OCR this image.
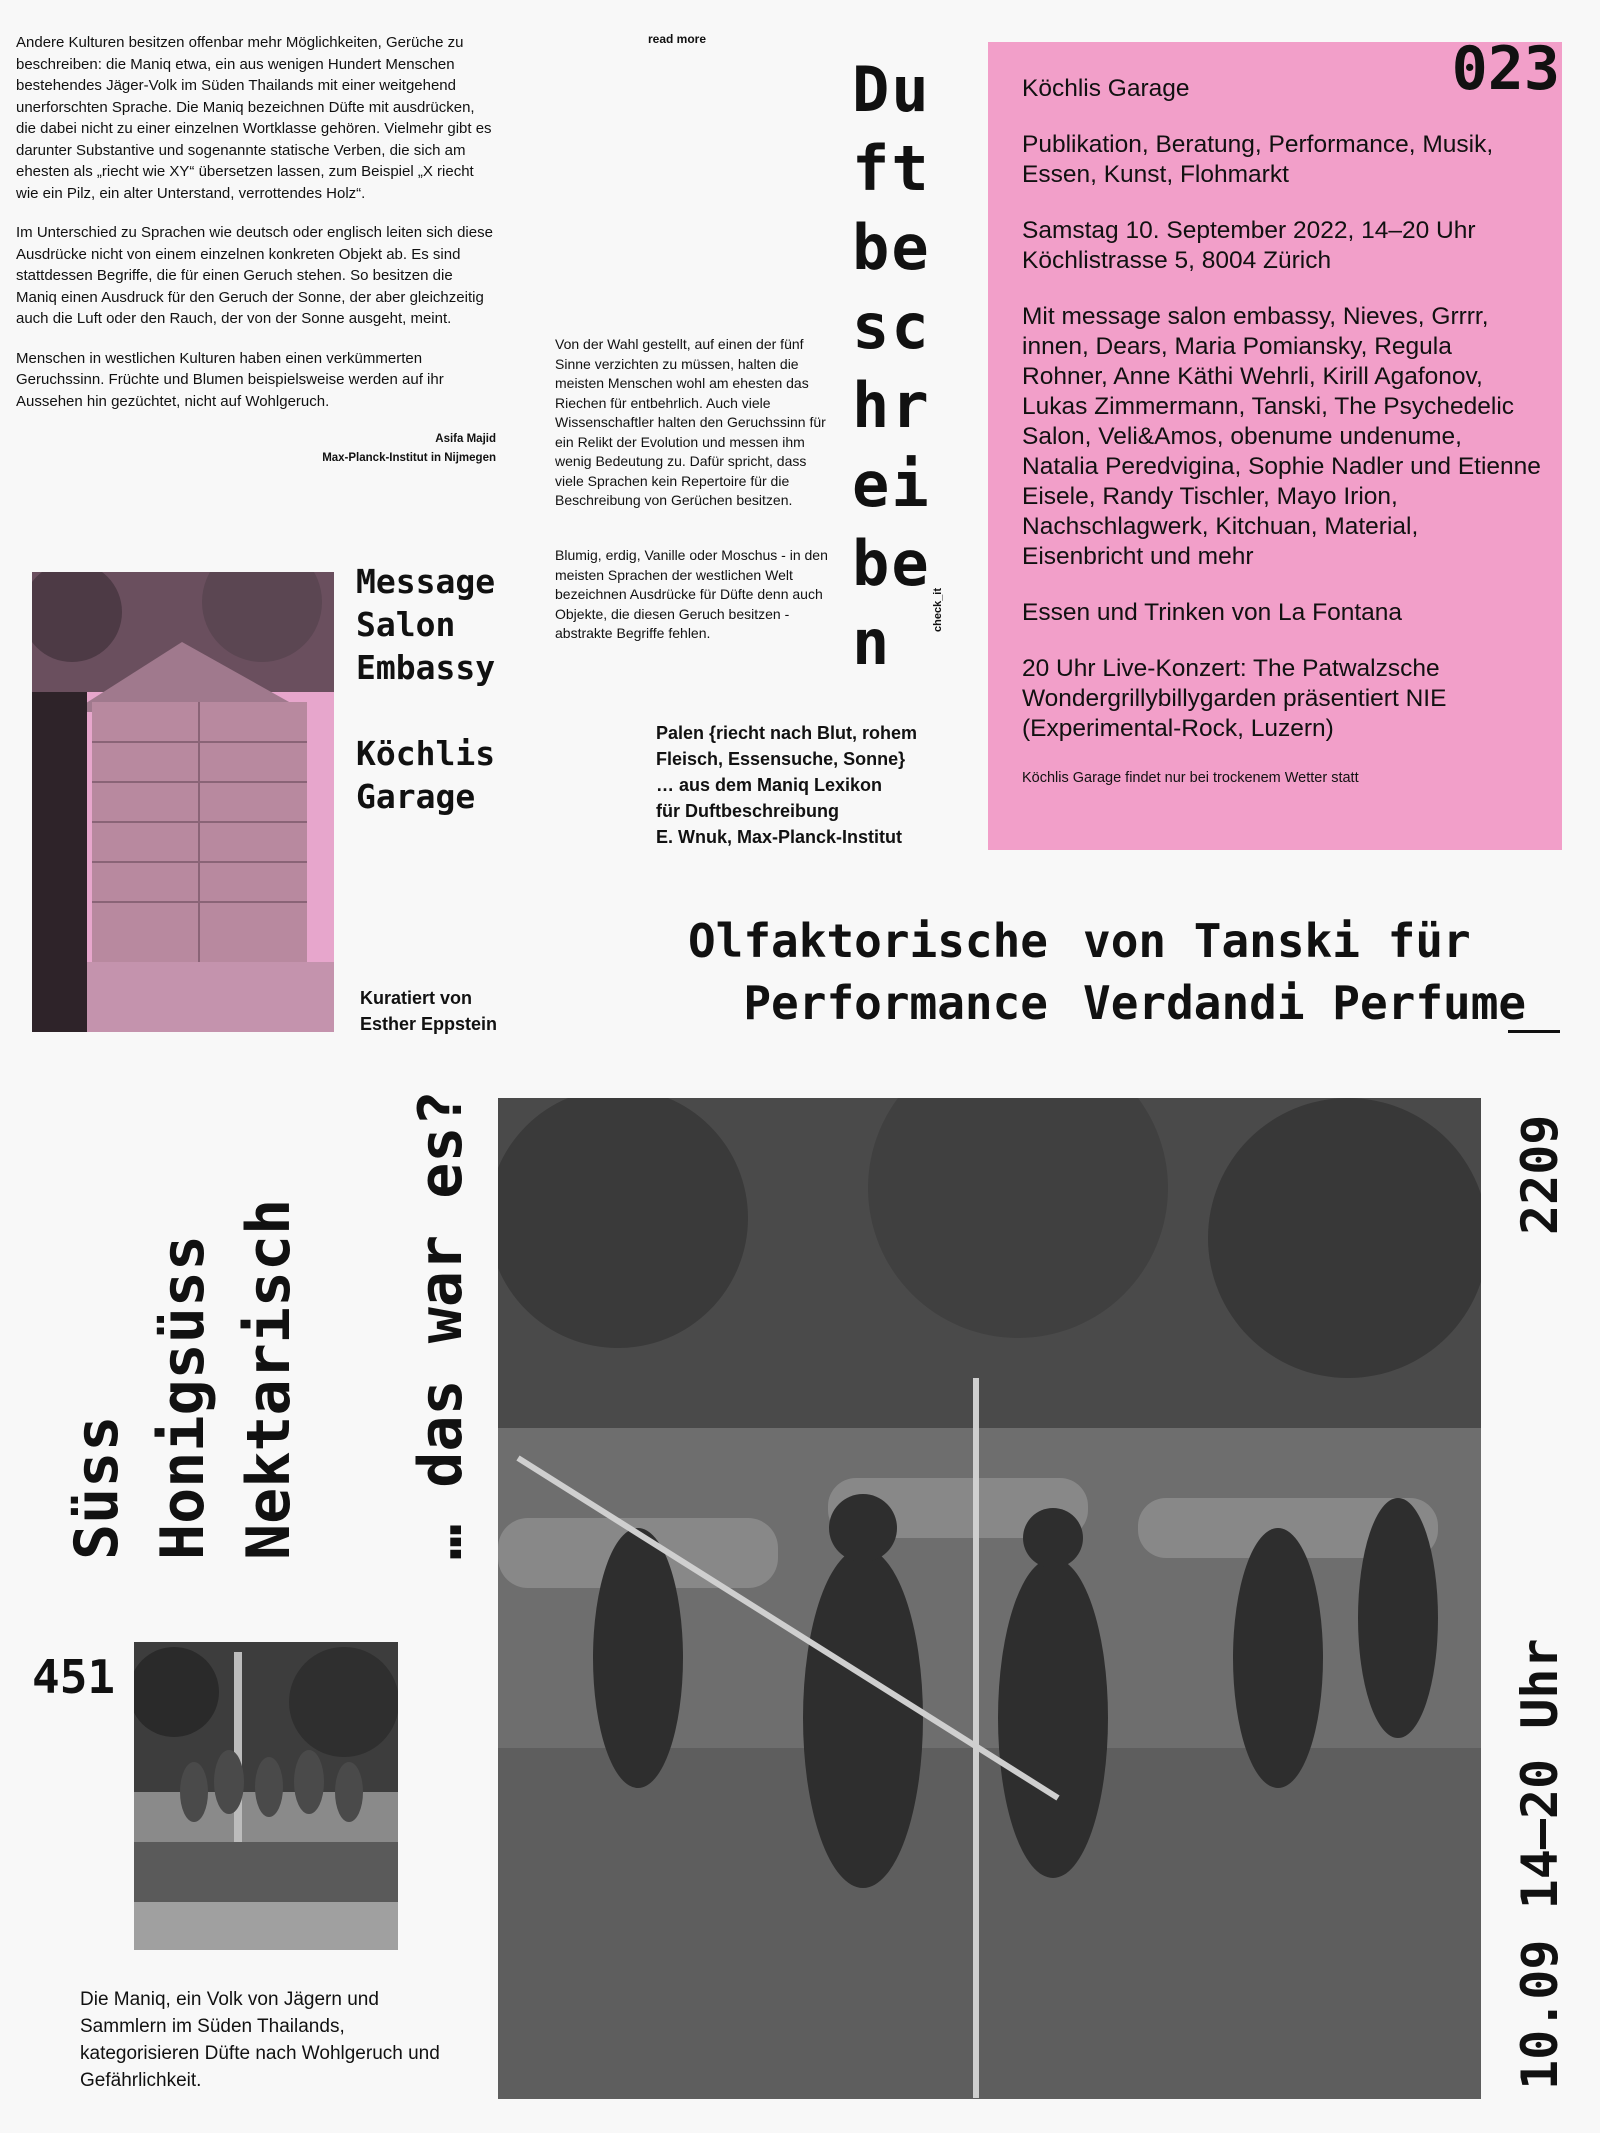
Andere Kulturen besitzen offenbar mehr Möglichkeiten, Gerüche zu beschreiben: die Maniq etwa, ein aus wenigen Hundert Menschen bestehendes Jäger-Volk im Süden Thailands mit einer weitgehend unerforschten Sprache. Die Maniq bezeichnen Düfte mit ausdrücken, die dabei nicht zu einer einzelnen Wortklasse gehören. Vielmehr gibt es darunter Substantive und sogenannte statische Verben, die sich am ehesten als „riecht wie XY“ übersetzen lassen, zum Beispiel „X riecht wie ein Pilz, ein alter Unterstand, verrottendes Holz“.

Im Unterschied zu Sprachen wie deutsch oder englisch leiten sich diese Ausdrücke nicht von einem einzelnen konkreten Objekt ab. Es sind stattdessen Begriffe, die für einen Geruch stehen. So besitzen die Maniq einen Ausdruck für den Geruch der Sonne, der aber gleichzeitig auch die Luft oder den Rauch, der von der Sonne ausgeht, meint.

Menschen in westlichen Kulturen haben einen verkümmerten Geruchssinn. Früchte und Blumen beispielsweise werden auf ihr Aussehen hin gezüchtet, nicht auf Wohlgeruch.

Asifa Majid
Max-Planck-Institut in Nijmegen
read more
Von der Wahl gestellt, auf einen der fünf Sinne verzichten zu müssen, halten die meisten Menschen wohl am ehesten das Riechen für entbehrlich. Auch viele Wissenschaftler halten den Geruchssinn für ein Relikt der Evolution und messen ihm wenig Bedeutung zu. Dafür spricht, dass viele Sprachen kein Repertoire für die Beschreibung von Gerüchen besitzen.
Blumig, erdig, Vanille oder Moschus - in den meisten Sprachen der westlichen Welt bezeichnen Ausdrücke für Düfte denn auch Objekte, die diesen Geruch besitzen - abstrakte Begriffe fehlen.
Du
ft
be
sc
hr
ei
be
n	check_it
Palen {riecht nach Blut, rohem
Fleisch, Essensuche, Sonne}
… aus dem Maniq Lexikon
für Duftbeschreibung
E. Wnuk, Max-Planck-Institut
023

Köchlis Garage

Publikation, Beratung, Performance, Musik, Essen, Kunst, Flohmarkt

Samstag 10. September 2022, 14–20 Uhr Köchlistrasse 5, 8004 Zürich

Mit message salon embassy, Nieves, Grrrr, innen, Dears, Maria Pomiansky, Regula Rohner, Anne Käthi Wehrli, Kirill Agafonov, Lukas Zimmermann, Tanski, The Psychedelic Salon, Veli&Amos, obenume undenume, Natalia Peredvigina, Sophie Nadler und Etienne Eisele, Randy Tischler, Mayo Irion, Nachschlagwerk, Kitchuan, Material, Eisenbricht und mehr

Essen und Trinken von La Fontana

20 Uhr Live-Konzert: The Patwalzsche Wondergrillybillygarden präsentiert NIE (Experimental-Rock, Luzern)

Köchlis Garage findet nur bei trockenem Wetter statt
Message
Salon
Embassy
Köchlis
Garage
Kuratiert von
Esther Eppstein
Olfaktorische
Performance
von Tanski für
Verdandi Perfume
Süss Honigsüss Nektarisch … das war es?
451
Die Maniq, ein Volk von Jägern und Sammlern im Süden Thailands, kategorisieren Düfte nach Wohlgeruch und Gefährlichkeit.
2209
10.09 14–20 Uhr
